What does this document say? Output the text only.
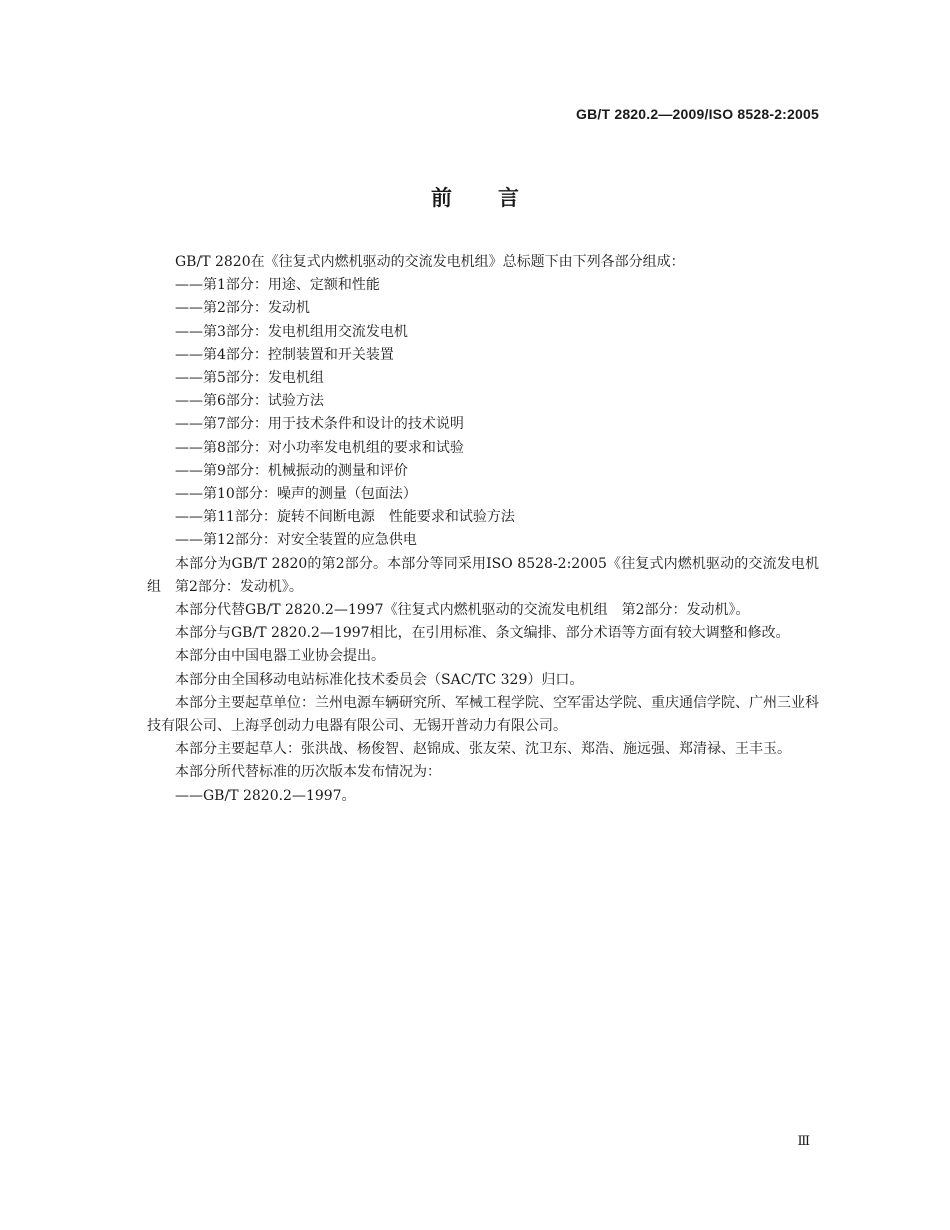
GB/T 2820.2—2009/ISO 8528-2:2005
前言

GB/T 2820在《往复式内燃机驱动的交流发电机组》总标题下由下列各部分组成：

——第1部分：用途、定额和性能
——第2部分：发动机
——第3部分：发电机组用交流发电机
——第4部分：控制装置和开关装置
——第5部分：发电机组
——第6部分：试验方法
——第7部分：用于技术条件和设计的技术说明
——第8部分：对小功率发电机组的要求和试验
——第9部分：机械振动的测量和评价
——第10部分：噪声的测量（包面法）
——第11部分：旋转不间断电源　性能要求和试验方法
——第12部分：对安全装置的应急供电

本部分为GB/T 2820的第2部分。本部分等同采用ISO 8528-2:2005《往复式内燃机驱动的交流发电机组　第2部分：发动机》。

本部分代替GB/T 2820.2—1997《往复式内燃机驱动的交流发电机组　第2部分：发动机》。

本部分与GB/T 2820.2—1997相比，在引用标准、条文编排、部分术语等方面有较大调整和修改。

本部分由中国电器工业协会提出。

本部分由全国移动电站标准化技术委员会（SAC/TC 329）归口。

本部分主要起草单位：兰州电源车辆研究所、军械工程学院、空军雷达学院、重庆通信学院、广州三业科技有限公司、上海孚创动力电器有限公司、无锡开普动力有限公司。

本部分主要起草人：张洪战、杨俊智、赵锦成、张友荣、沈卫东、郑浩、施远强、郑清禄、王丰玉。

本部分所代替标准的历次版本发布情况为：

——GB/T 2820.2—1997。
Ⅲ
